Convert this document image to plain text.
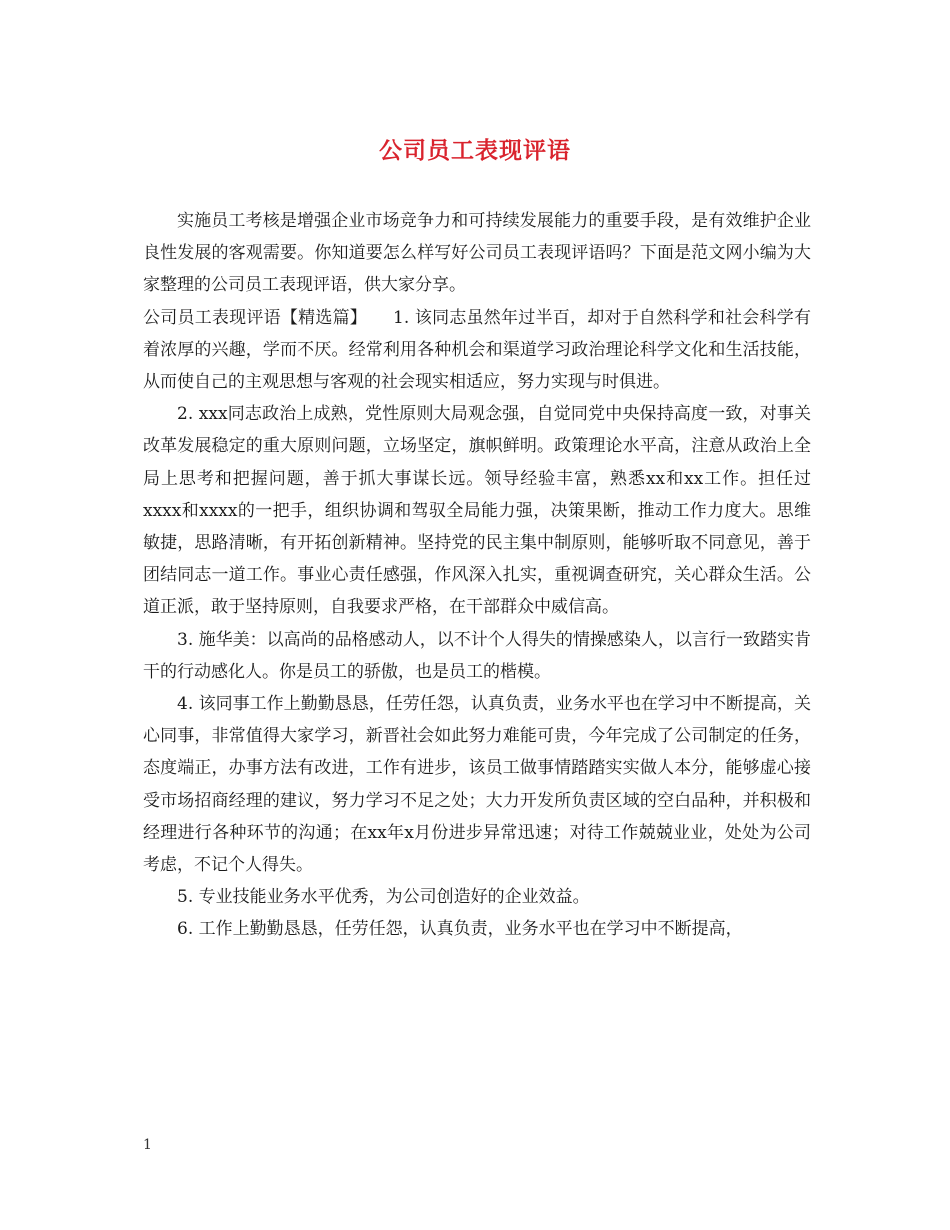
公司员工表现评语

实施员工考核是增强企业市场竞争力和可持续发展能力的重要手段，是有效维护企业良性发展的客观需要。你知道要怎么样写好公司员工表现评语吗？下面是范文网小编为大家整理的公司员工表现评语，供大家分享。

公司员工表现评语【精选篇】　　1. 该同志虽然年过半百，却对于自然科学和社会科学有着浓厚的兴趣，学而不厌。经常利用各种机会和渠道学习政治理论科学文化和生活技能，从而使自己的主观思想与客观的社会现实相适应，努力实现与时俱进。

2. xxx同志政治上成熟，党性原则大局观念强，自觉同党中央保持高度一致，对事关改革发展稳定的重大原则问题，立场坚定，旗帜鲜明。政策理论水平高，注意从政治上全局上思考和把握问题，善于抓大事谋长远。领导经验丰富，熟悉xx和xx工作。担任过xxxx和xxxx的一把手，组织协调和驾驭全局能力强，决策果断，推动工作力度大。思维敏捷，思路清晰，有开拓创新精神。坚持党的民主集中制原则，能够听取不同意见，善于团结同志一道工作。事业心责任感强，作风深入扎实，重视调查研究，关心群众生活。公道正派，敢于坚持原则，自我要求严格，在干部群众中威信高。

3. 施华美：以高尚的品格感动人，以不计个人得失的情操感染人，以言行一致踏实肯干的行动感化人。你是员工的骄傲，也是员工的楷模。

4. 该同事工作上勤勤恳恳，任劳任怨，认真负责，业务水平也在学习中不断提高，关心同事，非常值得大家学习，新晋社会如此努力难能可贵，今年完成了公司制定的任务，态度端正，办事方法有改进，工作有进步，该员工做事情踏踏实实做人本分，能够虚心接受市场招商经理的建议，努力学习不足之处；大力开发所负责区域的空白品种，并积极和经理进行各种环节的沟通；在xx年x月份进步异常迅速；对待工作兢兢业业，处处为公司考虑，不记个人得失。

5. 专业技能业务水平优秀，为公司创造好的企业效益。

6. 工作上勤勤恳恳，任劳任怨，认真负责，业务水平也在学习中不断提高，

1
